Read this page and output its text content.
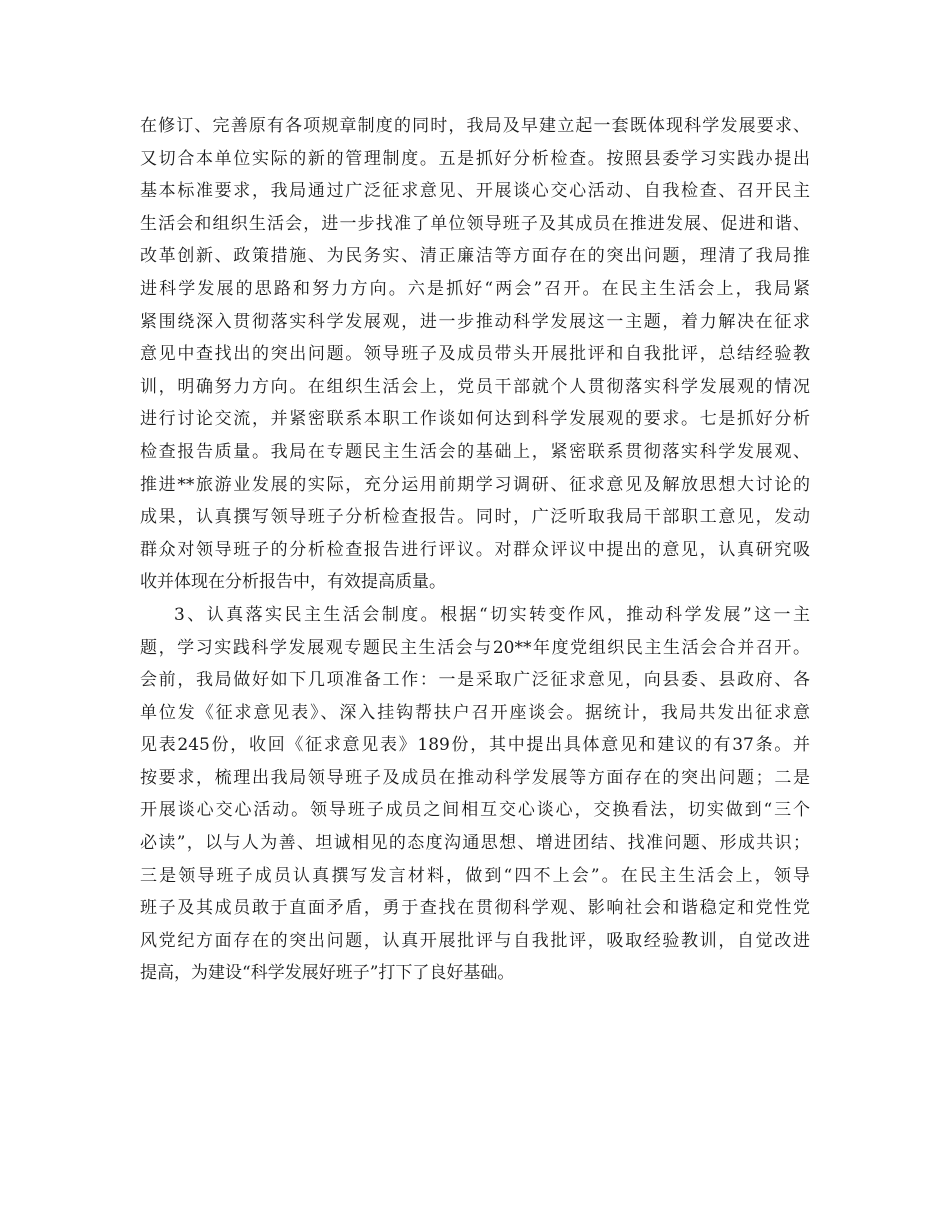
在修订、完善原有各项规章制度的同时，我局及早建立起一套既体现科学发展要求、
又切合本单位实际的新的管理制度。五是抓好分析检查。按照县委学习实践办提出
基本标准要求，我局通过广泛征求意见、开展谈心交心活动、自我检查、召开民主
生活会和组织生活会，进一步找准了单位领导班子及其成员在推进发展、促进和谐、
改革创新、政策措施、为民务实、清正廉洁等方面存在的突出问题，理清了我局推
进科学发展的思路和努力方向。六是抓好“两会”召开。在民主生活会上，我局紧
紧围绕深入贯彻落实科学发展观，进一步推动科学发展这一主题，着力解决在征求
意见中查找出的突出问题。领导班子及成员带头开展批评和自我批评，总结经验教
训，明确努力方向。在组织生活会上，党员干部就个人贯彻落实科学发展观的情况
进行讨论交流，并紧密联系本职工作谈如何达到科学发展观的要求。七是抓好分析
检查报告质量。我局在专题民主生活会的基础上，紧密联系贯彻落实科学发展观、
推进**旅游业发展的实际，充分运用前期学习调研、征求意见及解放思想大讨论的
成果，认真撰写领导班子分析检查报告。同时，广泛听取我局干部职工意见，发动
群众对领导班子的分析检查报告进行评议。对群众评议中提出的意见，认真研究吸
收并体现在分析报告中，有效提高质量。
3、认真落实民主生活会制度。根据“切实转变作风，推动科学发展”这一主
题，学习实践科学发展观专题民主生活会与20**年度党组织民主生活会合并召开。
会前，我局做好如下几项准备工作：一是采取广泛征求意见，向县委、县政府、各
单位发《征求意见表》、深入挂钩帮扶户召开座谈会。据统计，我局共发出征求意
见表245份，收回《征求意见表》189份，其中提出具体意见和建议的有37条。并
按要求，梳理出我局领导班子及成员在推动科学发展等方面存在的突出问题；二是
开展谈心交心活动。领导班子成员之间相互交心谈心，交换看法，切实做到“三个
必读”，以与人为善、坦诚相见的态度沟通思想、增进团结、找准问题、形成共识；
三是领导班子成员认真撰写发言材料，做到“四不上会”。在民主生活会上，领导
班子及其成员敢于直面矛盾，勇于查找在贯彻科学观、影响社会和谐稳定和党性党
风党纪方面存在的突出问题，认真开展批评与自我批评，吸取经验教训，自觉改进
提高，为建设“科学发展好班子”打下了良好基础。
